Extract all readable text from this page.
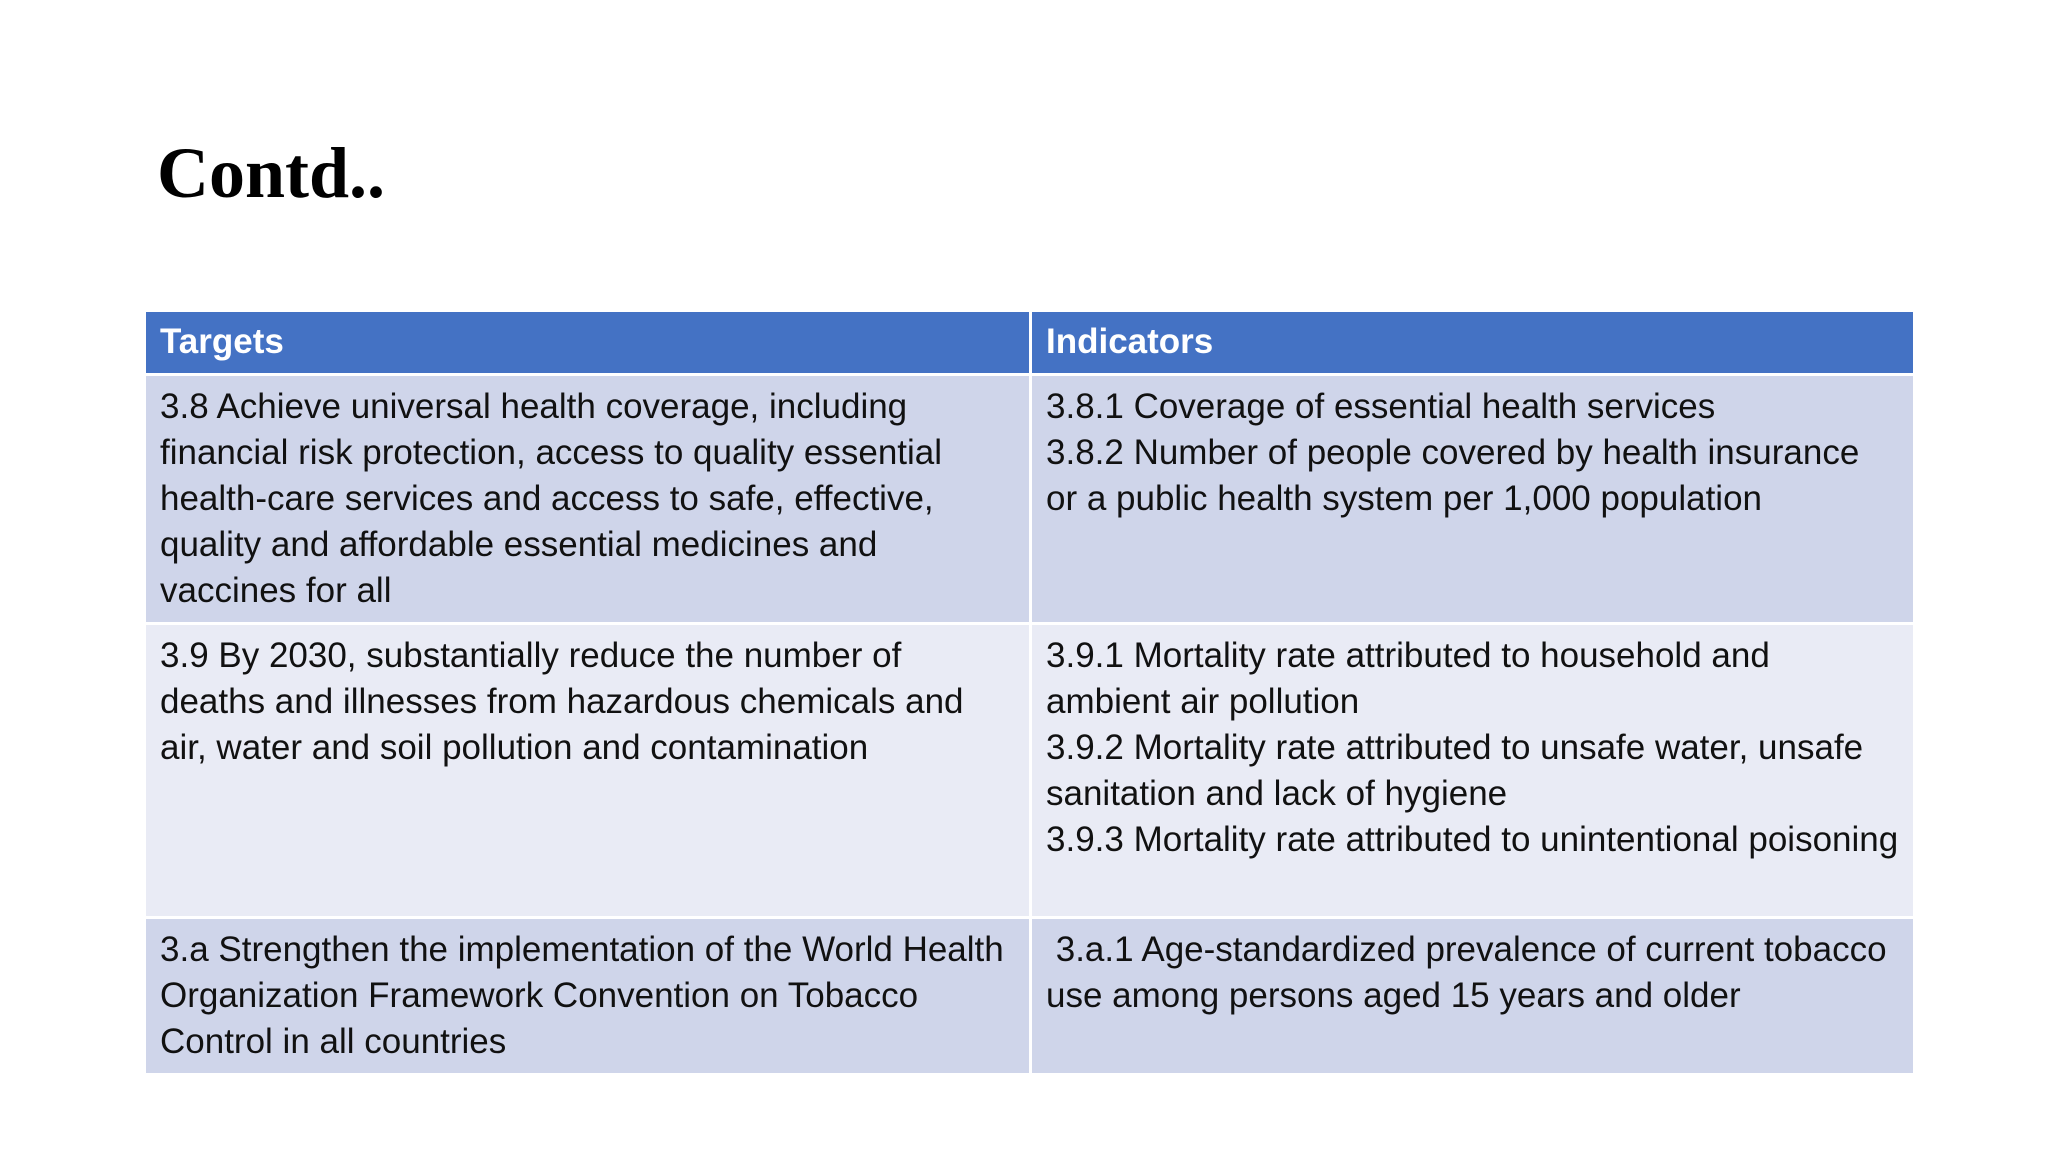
Contd..
Targets	Indicators
3.8 Achieve universal health coverage, including financial risk protection, access to quality essential health-care services and access to safe, effective, quality and affordable essential medicines and vaccines for all	3.8.1 Coverage of essential health services
3.8.2 Number of people covered by health insurance or a public health system per 1,000 population

3.9 By 2030, substantially reduce the number of deaths and illnesses from hazardous chemicals and air, water and soil pollution and contamination	3.9.1 Mortality rate attributed to household and ambient air pollution
3.9.2 Mortality rate attributed to unsafe water, unsafe sanitation and lack of hygiene
3.9.3 Mortality rate attributed to unintentional poisoning

3.a Strengthen the implementation of the World Health Organization Framework Convention on Tobacco Control in all countries	3.a.1 Age-standardized prevalence of current tobacco use among persons aged 15 years and older
